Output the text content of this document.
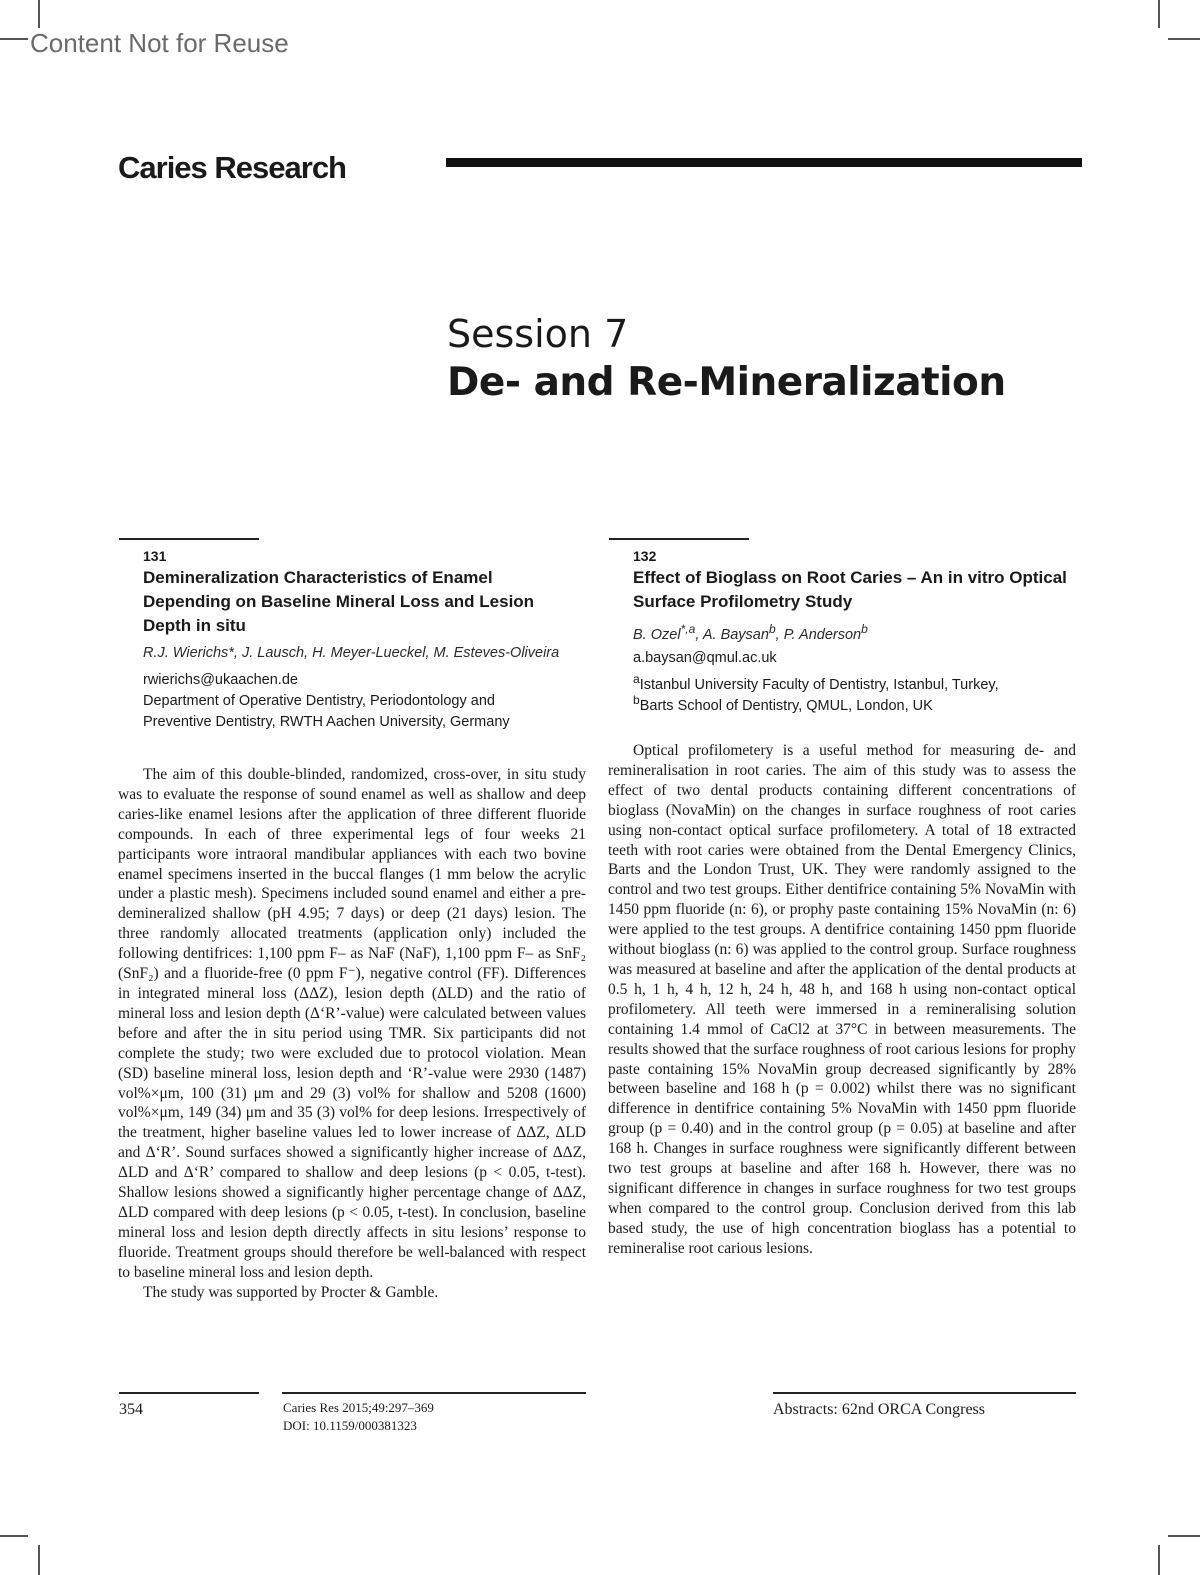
Content Not for Reuse
Caries Research
Session 7
De- and Re-Mineralization
131
Demineralization Characteristics of Enamel Depending on Baseline Mineral Loss and Lesion Depth in situ
R.J. Wierichs*, J. Lausch, H. Meyer-Lueckel, M. Esteves-Oliveira
rwierichs@ukaachen.de
Department of Operative Dentistry, Periodontology and Preventive Dentistry, RWTH Aachen University, Germany

The aim of this double-blinded, randomized, cross-over, in situ study was to evaluate the response of sound enamel as well as shallow and deep caries-like enamel lesions after the application of three different fluoride compounds. In each of three experimental legs of four weeks 21 participants wore intraoral mandibular appliances with each two bovine enamel specimens inserted in the buccal flanges (1 mm below the acrylic under a plastic mesh). Specimens included sound enamel and either a pre-demineralized shallow (pH 4.95; 7 days) or deep (21 days) lesion. The three randomly allocated treatments (application only) included the following dentifrices: 1,100 ppm F– as NaF (NaF), 1,100 ppm F– as SnF₂ (SnF₂) and a fluoride-free (0 ppm F⁻), negative control (FF). Differences in integrated mineral loss (ΔΔZ), lesion depth (ΔLD) and the ratio of mineral loss and lesion depth (Δ‘R’-value) were calculated between values before and after the in situ period using TMR. Six participants did not complete the study; two were excluded due to protocol violation. Mean (SD) baseline mineral loss, lesion depth and ‘R’-value were 2930 (1487) vol%×μm, 100 (31) μm and 29 (3) vol% for shallow and 5208 (1600) vol%×μm, 149 (34) μm and 35 (3) vol% for deep lesions. Irrespectively of the treatment, higher baseline values led to lower increase of ΔΔZ, ΔLD and Δ‘R’. Sound surfaces showed a significantly higher increase of ΔΔZ, ΔLD and Δ‘R’ compared to shallow and deep lesions (p < 0.05, t-test). Shallow lesions showed a significantly higher percentage change of ΔΔZ, ΔLD compared with deep lesions (p < 0.05, t-test). In conclusion, baseline mineral loss and lesion depth directly affects in situ lesions’ response to fluoride. Treatment groups should therefore be well-balanced with respect to baseline mineral loss and lesion depth.

The study was supported by Procter & Gamble.

132
Effect of Bioglass on Root Caries – An in vitro Optical Surface Profilometry Study
B. Ozel$^{*,a}$, A. Baysan$^b$, P. Anderson$^b$
a.baysan@qmul.ac.uk
$^a$Istanbul University Faculty of Dentistry, Istanbul, Turkey,
$^b$Barts School of Dentistry, QMUL, London, UK

Optical profilometery is a useful method for measuring de- and remineralisation in root caries. The aim of this study was to assess the effect of two dental products containing different concentrations of bioglass (NovaMin) on the changes in surface roughness of root caries using non-contact optical surface profilometery. A total of 18 extracted teeth with root caries were obtained from the Dental Emergency Clinics, Barts and the London Trust, UK. They were randomly assigned to the control and two test groups. Either dentifrice containing 5% NovaMin with 1450 ppm fluoride (n: 6), or prophy paste containing 15% NovaMin (n: 6) were applied to the test groups. A dentifrice containing 1450 ppm fluoride without bioglass (n: 6) was applied to the control group. Surface roughness was measured at baseline and after the application of the dental products at 0.5 h, 1 h, 4 h, 12 h, 24 h, 48 h, and 168 h using non-contact optical profilometery. All teeth were immersed in a remineralising solution containing 1.4 mmol of CaCl2 at 37°C in between measurements. The results showed that the surface roughness of root carious lesions for prophy paste containing 15% NovaMin group decreased significantly by 28% between baseline and 168 h (p = 0.002) whilst there was no significant difference in dentifrice containing 5% NovaMin with 1450 ppm fluoride group (p = 0.40) and in the control group (p = 0.05) at baseline and after 168 h. Changes in surface roughness were significantly different between two test groups at baseline and after 168 h. However, there was no significant difference in changes in surface roughness for two test groups when compared to the control group. Conclusion derived from this lab based study, the use of high concentration bioglass has a potential to remineralise root carious lesions.

354	Caries Res 2015;49:297–369
DOI: 10.1159/000381323
Abstracts: 62nd ORCA Congress
